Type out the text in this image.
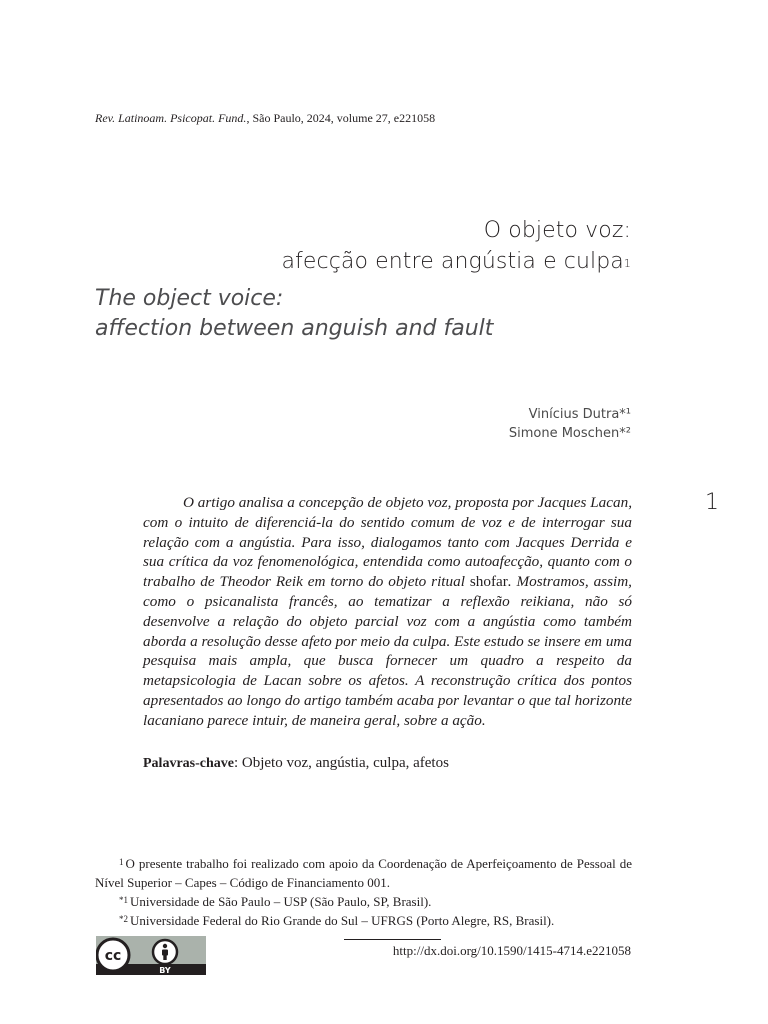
Rev. Latinoam. Psicopat. Fund., São Paulo, 2024, volume 27, e221058
O objeto voz:
afecção entre angústia e culpa$^1$
The object voice:
affection between anguish and fault
Vinícius Dutra*¹
Simone Moschen*²
1
O artigo analisa a concepção de objeto voz, proposta por Jacques Lacan, com o intuito de diferenciá-la do sentido comum de voz e de interrogar sua relação com a angústia. Para isso, dialogamos tanto com Jacques Derrida e sua crítica da voz fenomenológica, entendida como autoafecção, quanto com o trabalho de Theodor Reik em torno do objeto ritual shofar. Mostramos, assim, como o psicanalista francês, ao tematizar a reflexão reikiana, não só desenvolve a relação do objeto parcial voz com a angústia como também aborda a resolução desse afeto por meio da culpa. Este estudo se insere em uma pesquisa mais ampla, que busca fornecer um quadro a respeito da metapsicologia de Lacan sobre os afetos. A reconstrução crítica dos pontos apresentados ao longo do artigo também acaba por levantar o que tal horizonte lacaniano parece intuir, de maneira geral, sobre a ação.
Palavras-chave: Objeto voz, angústia, culpa, afetos
$^1$ O presente trabalho foi realizado com apoio da Coordenação de Aperfeiçoamento de Pessoal de Nível Superior – Capes – Código de Financiamento 001.
$^{*1}$ Universidade de São Paulo – USP (São Paulo, SP, Brasil).
$^{*2}$ Universidade Federal do Rio Grande do Sul – UFRGS (Porto Alegre, RS, Brasil).
http://dx.doi.org/10.1590/1415-4714.e221058
cc
BY
